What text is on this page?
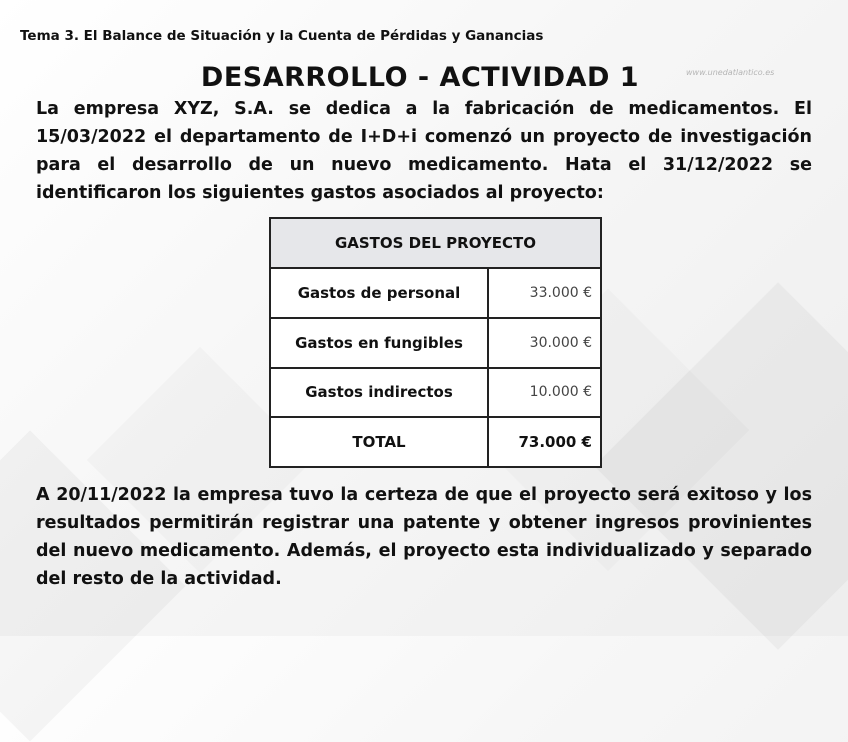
Tema 3. El Balance de Situación y la Cuenta de Pérdidas y Ganancias
DESARROLLO - ACTIVIDAD 1	www.unedatlantico.es
La empresa XYZ, S.A. se dedica a la fabricación de medicamentos. El 15/03/2022 el departamento de I+D+i comenzó un proyecto de investigación para el desarrollo de un nuevo medicamento. Hata el 31/12/2022 se identificaron los siguientes gastos asociados al proyecto:
GASTOS DEL PROYECTO	
Gastos de personal	33.000 €
Gastos en fungibles	30.000 €
Gastos indirectos	10.000 €
TOTAL	73.000 €
A 20/11/2022 la empresa tuvo la certeza de que el proyecto será exitoso y los resultados permitirán registrar una patente y obtener ingresos provinientes del nuevo medicamento. Además, el proyecto esta individualizado y separado del resto de la actividad.
